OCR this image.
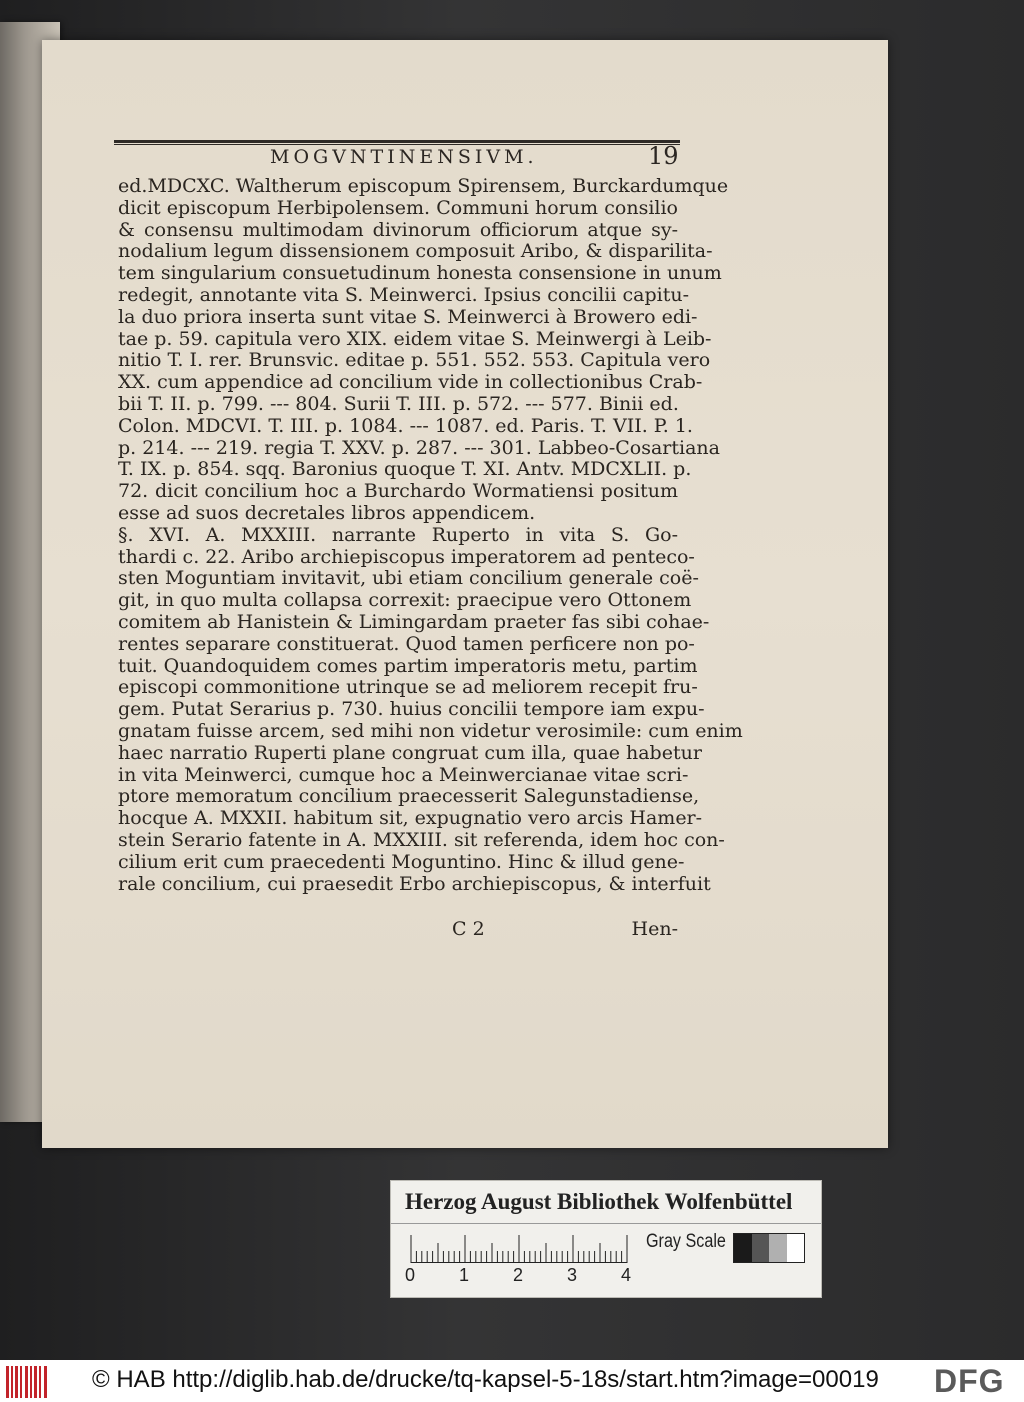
MOGVNTINENSIVM.	19
ed.MDCXC. Waltherum episcopum Spirensem, Burckardumque
dicit episcopum Herbipolensem. Communi horum consilio
& consensu multimodam divinorum officiorum atque sy-
nodalium legum dissensionem composuit Aribo, & disparilita-
tem singularium consuetudinum honesta consensione in unum
redegit, annotante vita S. Meinwerci. Ipsius concilii capitu-
la duo priora inserta sunt vitae S. Meinwerci à Browero edi-
tae p. 59. capitula vero XIX. eidem vitae S. Meinwergi à Leib-
nitio T. I. rer. Brunsvic. editae p. 551. 552. 553. Capitula vero
XX. cum appendice ad concilium vide in collectionibus Crab-
bii T. II. p. 799. --- 804. Surii T. III. p. 572. --- 577. Binii ed.
Colon. MDCVI. T. III. p. 1084. --- 1087. ed. Paris. T. VII. P. 1.
p. 214. --- 219. regia T. XXV. p. 287. --- 301. Labbeo-Cosartiana
T. IX. p. 854. sqq. Baronius quoque T. XI. Antv. MDCXLII. p.
72. dicit concilium hoc a Burchardo Wormatiensi positum
esse ad suos decretales libros appendicem.
§. XVI. A. MXXIII. narrante Ruperto in vita S. Go-
thardi c. 22. Aribo archiepiscopus imperatorem ad penteco-
sten Moguntiam invitavit, ubi etiam concilium generale coë-
git, in quo multa collapsa correxit: praecipue vero Ottonem
comitem ab Hanistein & Limingardam praeter fas sibi cohae-
rentes separare constituerat. Quod tamen perficere non po-
tuit. Quandoquidem comes partim imperatoris metu, partim
episcopi commonitione utrinque se ad meliorem recepit fru-
gem. Putat Serarius p. 730. huius concilii tempore iam expu-
gnatam fuisse arcem, sed mihi non videtur verosimile: cum enim
haec narratio Ruperti plane congruat cum illa, quae habetur
in vita Meinwerci, cumque hoc a Meinwercianae vitae scri-
ptore memoratum concilium praecesserit Salegunstadiense,
hocque A. MXXII. habitum sit, expugnatio vero arcis Hamer-
stein Serario fatente in A. MXXIII. sit referenda, idem hoc con-
cilium erit cum praecedenti Moguntino. Hinc & illud gene-
rale concilium, cui praesedit Erbo archiepiscopus, & interfuit
C 2	Hen-
Herzog August Bibliothek Wolfenbüttel
0 1 2 3 4
Gray Scale
© HAB http://diglib.hab.de/drucke/tq-kapsel-5-18s/start.htm?image=00019 DFG
